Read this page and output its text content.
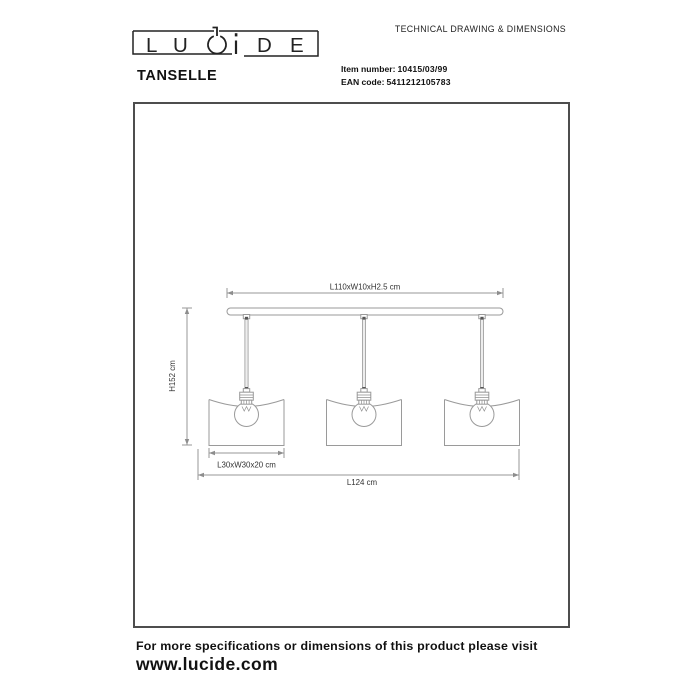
L U	D E
TECHNICAL DRAWING & DIMENSIONS
TANSELLE	Item number: 10415/03/99
EAN code: 5411212105783
L110xW10xH2.5 cm
H152 cm
L30xW30x20 cm
L124 cm
For more specifications or dimensions of this product please visit
www.lucide.com
